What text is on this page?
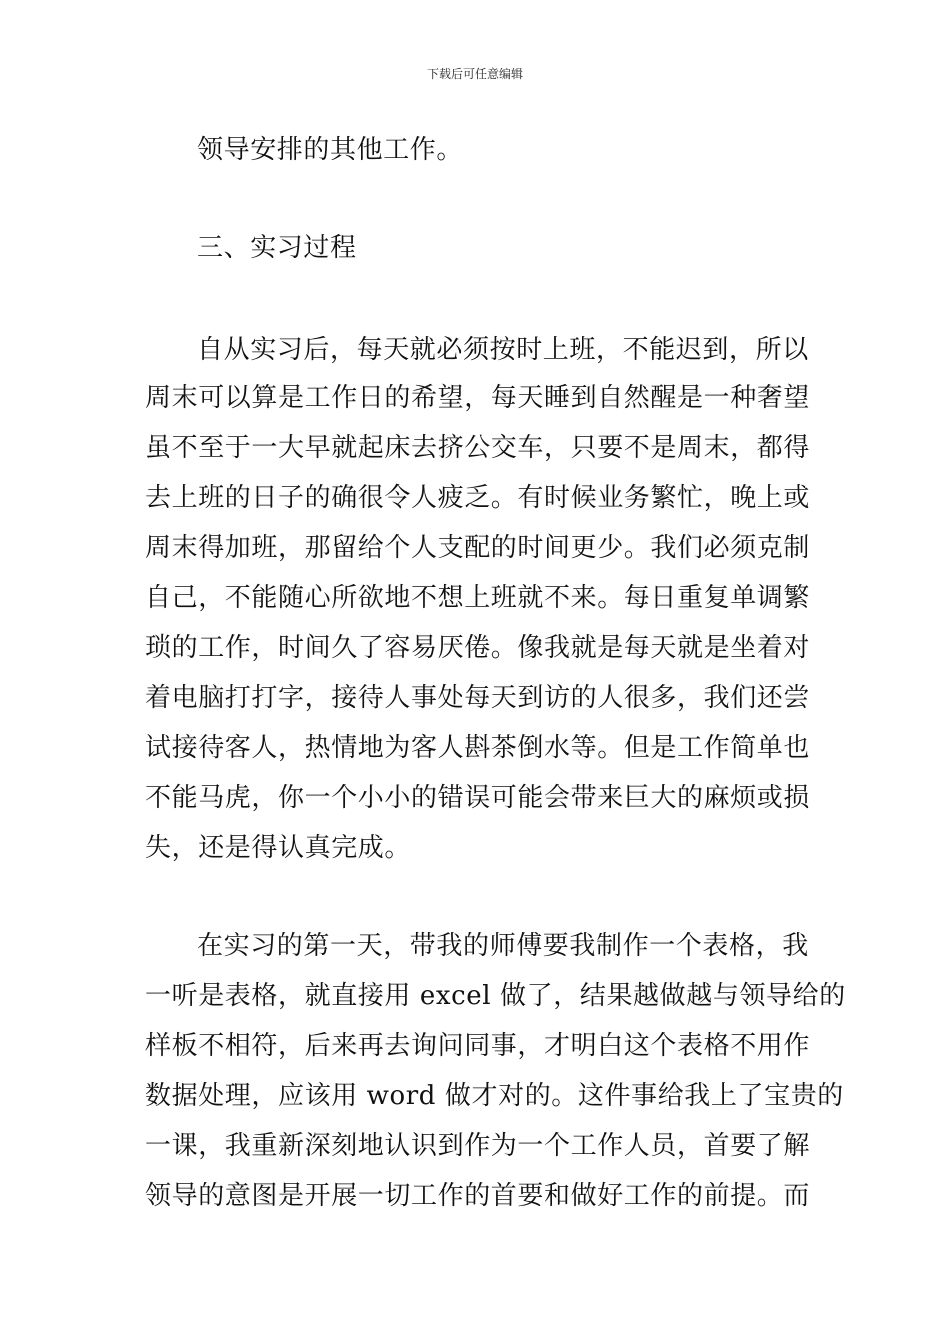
下载后可任意编辑
领导安排的其他工作。
三、实习过程
自从实习后，每天就必须按时上班，不能迟到，所以
周末可以算是工作日的希望，每天睡到自然醒是一种奢望
虽不至于一大早就起床去挤公交车，只要不是周末，都得
去上班的日子的确很令人疲乏。有时候业务繁忙，晚上或
周末得加班，那留给个人支配的时间更少。我们必须克制
自己，不能随心所欲地不想上班就不来。每日重复单调繁
琐的工作，时间久了容易厌倦。像我就是每天就是坐着对
着电脑打打字，接待人事处每天到访的人很多，我们还尝
试接待客人，热情地为客人斟茶倒水等。但是工作简单也
不能马虎，你一个小小的错误可能会带来巨大的麻烦或损
失，还是得认真完成。
在实习的第一天，带我的师傅要我制作一个表格，我
一听是表格，就直接用 excel 做了，结果越做越与领导给的
样板不相符，后来再去询问同事，才明白这个表格不用作
数据处理，应该用 word 做才对的。这件事给我上了宝贵的
一课，我重新深刻地认识到作为一个工作人员，首要了解
领导的意图是开展一切工作的首要和做好工作的前提。而
